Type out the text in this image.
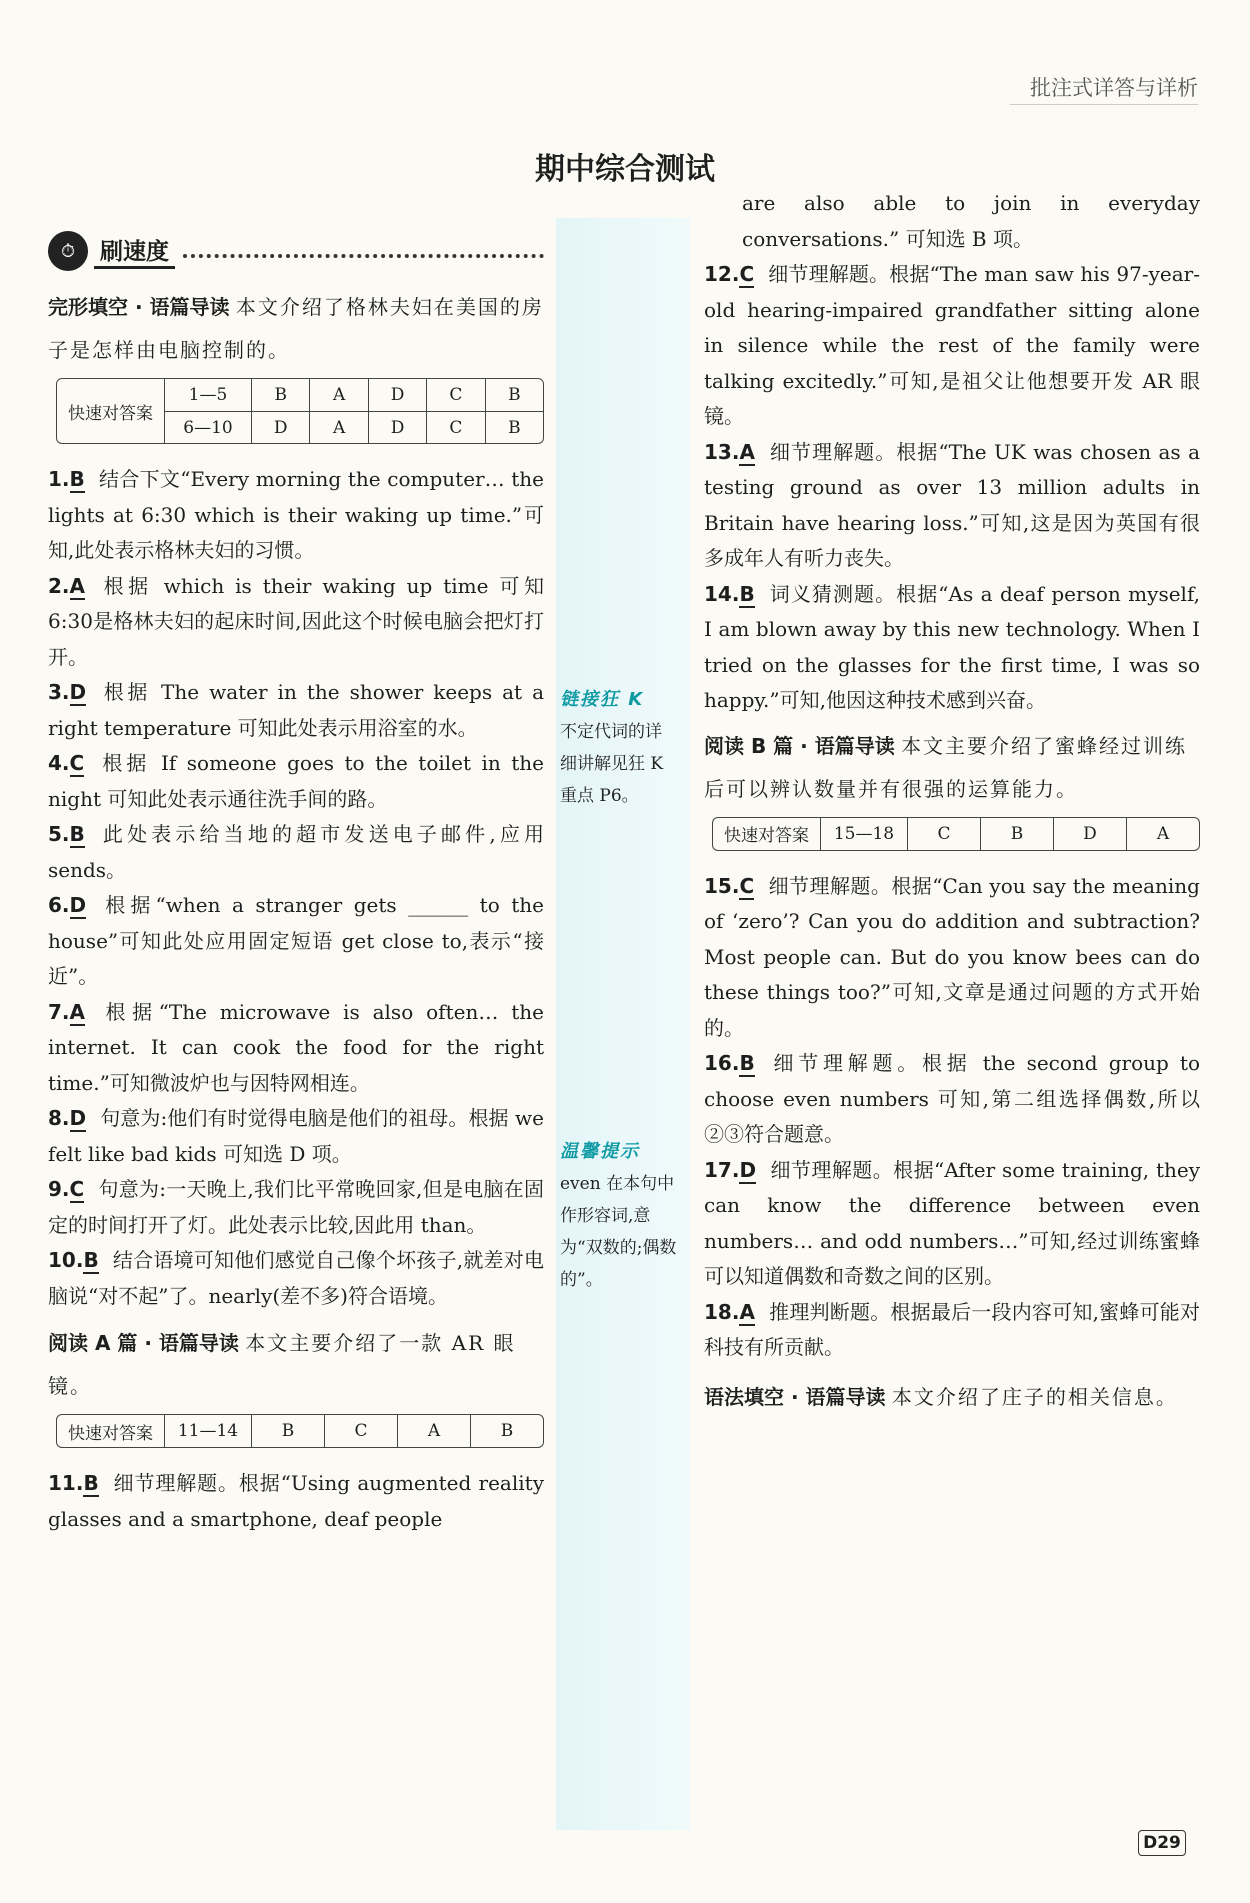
批注式详答与详析
期中综合测试
⏱	刷速度
完形填空 · 语篇导读 本文介绍了格林夫妇在美国的房子是怎样由电脑控制的。
快速对答案
1—5	B	A	D	C	B
6—10	D	A	D	C	B
1.B 结合下文“Every morning the computer… the lights at 6:30 which is their waking up time.”可知,此处表示格林夫妇的习惯。
2.A 根据 which is their waking up time 可知 6:30是格林夫妇的起床时间,因此这个时候电脑会把灯打开。
3.D 根据 The water in the shower keeps at a right temperature 可知此处表示用浴室的水。
4.C 根据 If someone goes to the toilet in the night 可知此处表示通往洗手间的路。
5.B 此处表示给当地的超市发送电子邮件,应用 sends。
6.D 根据“when a stranger gets ______ to the house”可知此处应用固定短语 get close to,表示“接近”。
7.A 根据“The microwave is also often… the internet. It can cook the food for the right time.”可知微波炉也与因特网相连。
8.D 句意为:他们有时觉得电脑是他们的祖母。根据 we felt like bad kids 可知选 D 项。
9.C 句意为:一天晚上,我们比平常晚回家,但是电脑在固定的时间打开了灯。此处表示比较,因此用 than。
10.B 结合语境可知他们感觉自己像个坏孩子,就差对电脑说“对不起”了。nearly(差不多)符合语境。
阅读 A 篇 · 语篇导读 本文主要介绍了一款 AR 眼镜。
快速对答案	11—14	B	C	A	B
11.B 细节理解题。根据“Using augmented reality glasses and a smartphone, deaf people
链接狂 K
不定代词的详细讲解见狂 K 重点 P6。
温馨提示
even 在本句中作形容词,意为“双数的;偶数的”。
are also able to join in everyday conversations.” 可知选 B 项。
12.C 细节理解题。根据“The man saw his 97-year-old hearing-impaired grandfather sitting alone in silence while the rest of the family were talking excitedly.”可知,是祖父让他想要开发 AR 眼镜。
13.A 细节理解题。根据“The UK was chosen as a testing ground as over 13 million adults in Britain have hearing loss.”可知,这是因为英国有很多成年人有听力丧失。
14.B 词义猜测题。根据“As a deaf person myself, I am blown away by this new technology. When I tried on the glasses for the first time, I was so happy.”可知,他因这种技术感到兴奋。
阅读 B 篇 · 语篇导读 本文主要介绍了蜜蜂经过训练后可以辨认数量并有很强的运算能力。
快速对答案	15—18	C	B	D	A
15.C 细节理解题。根据“Can you say the meaning of ‘zero’? Can you do addition and subtraction? Most people can. But do you know bees can do these things too?”可知,文章是通过问题的方式开始的。
16.B 细节理解题。根据 the second group to choose even numbers 可知,第二组选择偶数,所以②③符合题意。
17.D 细节理解题。根据“After some training, they can know the difference between even numbers… and odd numbers…”可知,经过训练蜜蜂可以知道偶数和奇数之间的区别。
18.A 推理判断题。根据最后一段内容可知,蜜蜂可能对科技有所贡献。
语法填空 · 语篇导读 本文介绍了庄子的相关信息。
D29
